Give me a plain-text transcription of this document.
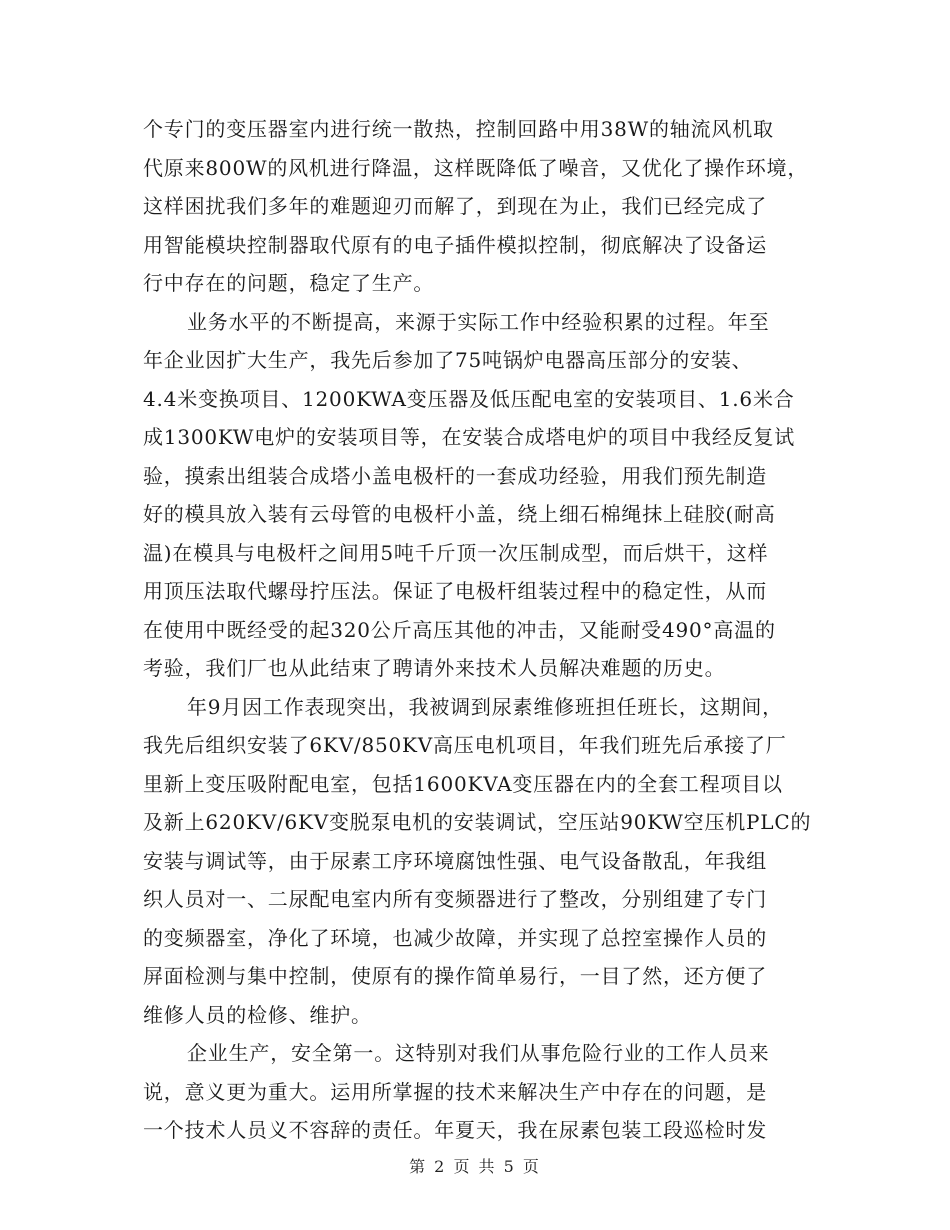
个专门的变压器室内进行统一散热，控制回路中用38W的轴流风机取
代原来800W的风机进行降温，这样既降低了噪音，又优化了操作环境，
这样困扰我们多年的难题迎刃而解了，到现在为止，我们已经完成了
用智能模块控制器取代原有的电子插件模拟控制，彻底解决了设备运
行中存在的问题，稳定了生产。
业务水平的不断提高，来源于实际工作中经验积累的过程。年至
年企业因扩大生产，我先后参加了75吨锅炉电器高压部分的安装、
4.4米变换项目、1200KWA变压器及低压配电室的安装项目、1.6米合
成1300KW电炉的安装项目等，在安装合成塔电炉的项目中我经反复试
验，摸索出组装合成塔小盖电极杆的一套成功经验，用我们预先制造
好的模具放入装有云母管的电极杆小盖，绕上细石棉绳抹上硅胶(耐高
温)在模具与电极杆之间用5吨千斤顶一次压制成型，而后烘干，这样
用顶压法取代螺母拧压法。保证了电极杆组装过程中的稳定性，从而
在使用中既经受的起320公斤高压其他的冲击，又能耐受490°高温的
考验，我们厂也从此结束了聘请外来技术人员解决难题的历史。
年9月因工作表现突出，我被调到尿素维修班担任班长，这期间，
我先后组织安装了6KV/850KV高压电机项目，年我们班先后承接了厂
里新上变压吸附配电室，包括1600KVA变压器在内的全套工程项目以
及新上620KV/6KV变脱泵电机的安装调试，空压站90KW空压机PLC的
安装与调试等，由于尿素工序环境腐蚀性强、电气设备散乱，年我组
织人员对一、二尿配电室内所有变频器进行了整改，分别组建了专门
的变频器室，净化了环境，也减少故障，并实现了总控室操作人员的
屏面检测与集中控制，使原有的操作简单易行，一目了然，还方便了
维修人员的检修、维护。
企业生产，安全第一。这特别对我们从事危险行业的工作人员来
说，意义更为重大。运用所掌握的技术来解决生产中存在的问题，是
一个技术人员义不容辞的责任。年夏天，我在尿素包装工段巡检时发
第 2 页 共 5 页
